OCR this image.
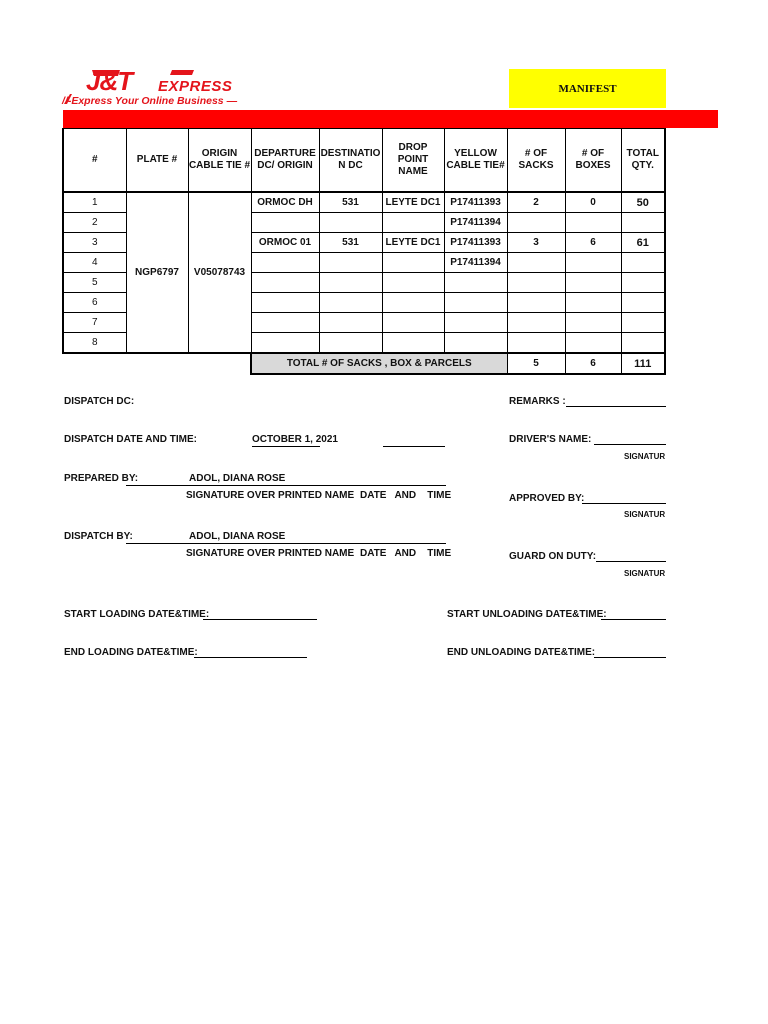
J&T EXPRESS
//-Express Your Online Business —
MANIFEST
#	PLATE #	ORIGIN CABLE TIE #	DEPARTURE DC/ ORIGIN	DESTINATIO N DC	DROP POINT NAME	YELLOW CABLE TIE#	# OF SACKS	# OF BOXES	TOTAL QTY.
1	NGP6797	V05078743	ORMOC DH	531	LEYTE DC1	P17411393	2	0	50
2						P17411394			
3			ORMOC 01	531	LEYTE DC1	P17411393	3	6	61
4						P17411394			
5									
6									
7									
8									
			TOTAL # OF SACKS , BOX & PARCELS				5	6	111
DISPATCH DC:	REMARKS :
DISPATCH DATE AND TIME:	OCTOBER 1, 2021	DRIVER'S NAME:
SIGNATUR
PREPARED BY:	ADOL, DIANA ROSE
SIGNATURE OVER PRINTED NAME DATE   AND    TIME	APPROVED BY:
SIGNATUR
DISPATCH BY:	ADOL, DIANA ROSE
SIGNATURE OVER PRINTED NAME DATE   AND    TIME	GUARD ON DUTY:
SIGNATUR
START LOADING DATE&TIME:	START UNLOADING DATE&TIME:
END LOADING DATE&TIME:	END UNLOADING DATE&TIME:
